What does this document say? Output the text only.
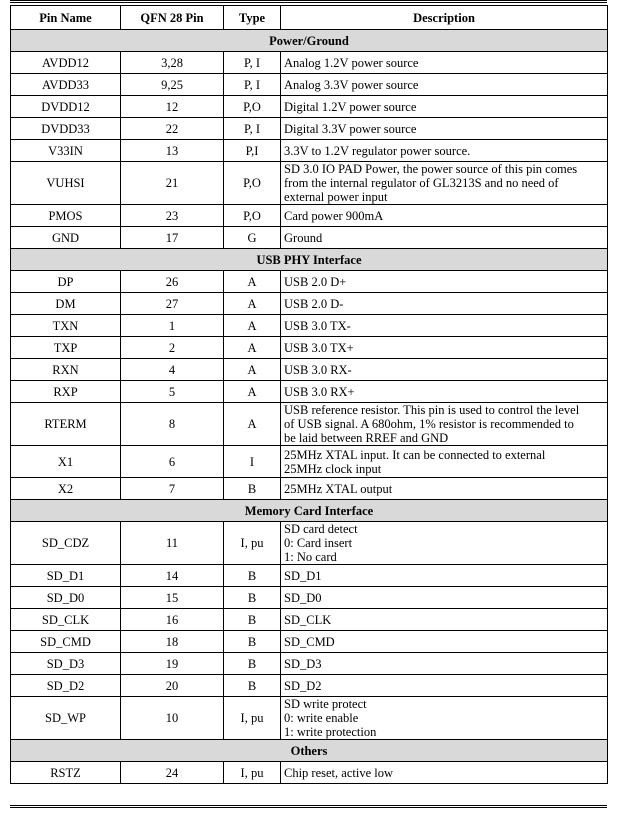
Pin Name	QFN 28 Pin	Type	Description
Power/Ground			
AVDD12	3,28	P, I	Analog 1.2V power source

AVDD33	9,25	P, I	Analog 3.3V power source

DVDD12	12	P,O	Digital 1.2V power source

DVDD33	22	P, I	Digital 3.3V power source

V33IN	13	P,I	3.3V to 1.2V regulator power source.

VUHSI	21	P,O	SD 3.0 IO PAD Power, the power source of this pin comes
from the internal regulator of GL3213S and no need of
external power input

PMOS	23	P,O	Card power 900mA

GND	17	G	Ground

USB PHY Interface			
DP	26	A	USB 2.0 D+

DM	27	A	USB 2.0 D-

TXN	1	A	USB 3.0 TX-

TXP	2	A	USB 3.0 TX+

RXN	4	A	USB 3.0 RX-

RXP	5	A	USB 3.0 RX+

RTERM	8	A	USB reference resistor. This pin is used to control the level
of USB signal. A 680ohm, 1% resistor is recommended to
be laid between RREF and GND

X1	6	I	25MHz XTAL input. It can be connected to external
25MHz clock input

X2	7	B	25MHz XTAL output

Memory Card Interface			
SD_CDZ	11	I, pu	SD card detect
0: Card insert
1: No card

SD_D1	14	B	SD_D1

SD_D0	15	B	SD_D0

SD_CLK	16	B	SD_CLK

SD_CMD	18	B	SD_CMD

SD_D3	19	B	SD_D3

SD_D2	20	B	SD_D2

SD_WP	10	I, pu	SD write protect
0: write enable
1: write protection

Others			
RSTZ	24	I, pu	Chip reset, active low
